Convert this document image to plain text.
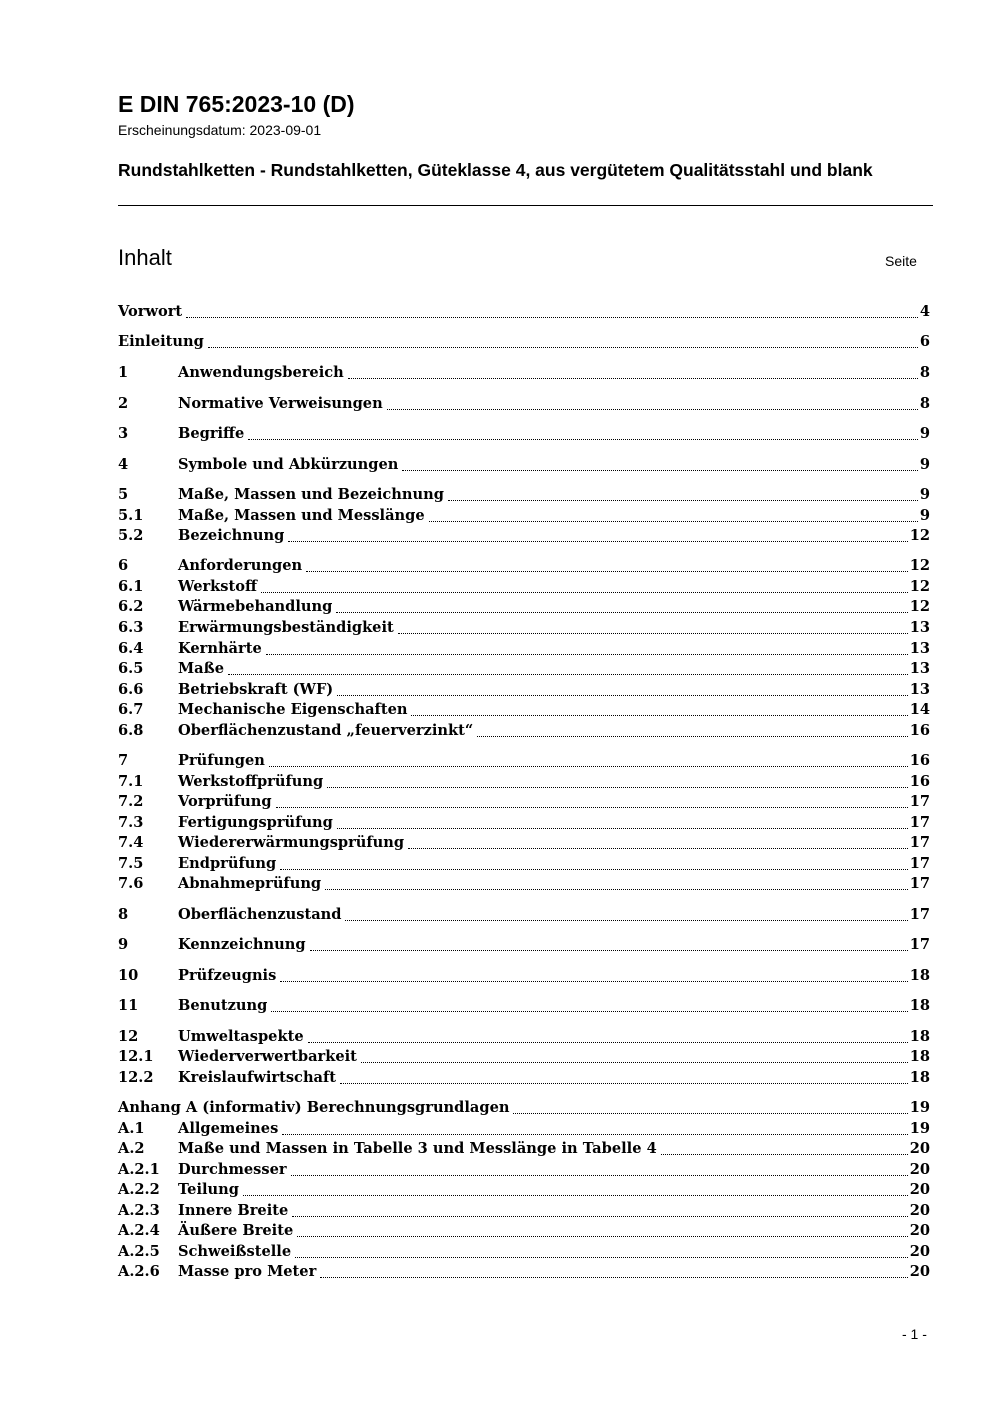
E DIN 765:2023-10 (D)
Erscheinungsdatum: 2023-09-01
Rundstahlketten - Rundstahlketten, Güteklasse 4, aus vergütetem Qualitätsstahl und blank
Inhalt	Seite
Vorwort	4
Einleitung	6
1	Anwendungsbereich	8
2	Normative Verweisungen	8
3	Begriffe	9
4	Symbole und Abkürzungen	9
5	Maße, Massen und Bezeichnung	9
5.1	Maße, Massen und Messlänge	9
5.2	Bezeichnung	12
6	Anforderungen	12
6.1	Werkstoff	12
6.2	Wärmebehandlung	12
6.3	Erwärmungsbeständigkeit	13
6.4	Kernhärte	13
6.5	Maße	13
6.6	Betriebskraft (WF)	13
6.7	Mechanische Eigenschaften	14
6.8	Oberflächenzustand „feuerverzinkt“	16
7	Prüfungen	16
7.1	Werkstoffprüfung	16
7.2	Vorprüfung	17
7.3	Fertigungsprüfung	17
7.4	Wiedererwärmungsprüfung	17
7.5	Endprüfung	17
7.6	Abnahmeprüfung	17
8	Oberflächenzustand	17
9	Kennzeichnung	17
10	Prüfzeugnis	18
11	Benutzung	18
12	Umweltaspekte	18
12.1	Wiederverwertbarkeit	18
12.2	Kreislaufwirtschaft	18
Anhang A (informativ) Berechnungsgrundlagen	19
A.1	Allgemeines	19
A.2	Maße und Massen in Tabelle 3 und Messlänge in Tabelle 4	20
A.2.1	Durchmesser	20
A.2.2	Teilung	20
A.2.3	Innere Breite	20
A.2.4	Äußere Breite	20
A.2.5	Schweißstelle	20
A.2.6	Masse pro Meter	20
- 1 -
